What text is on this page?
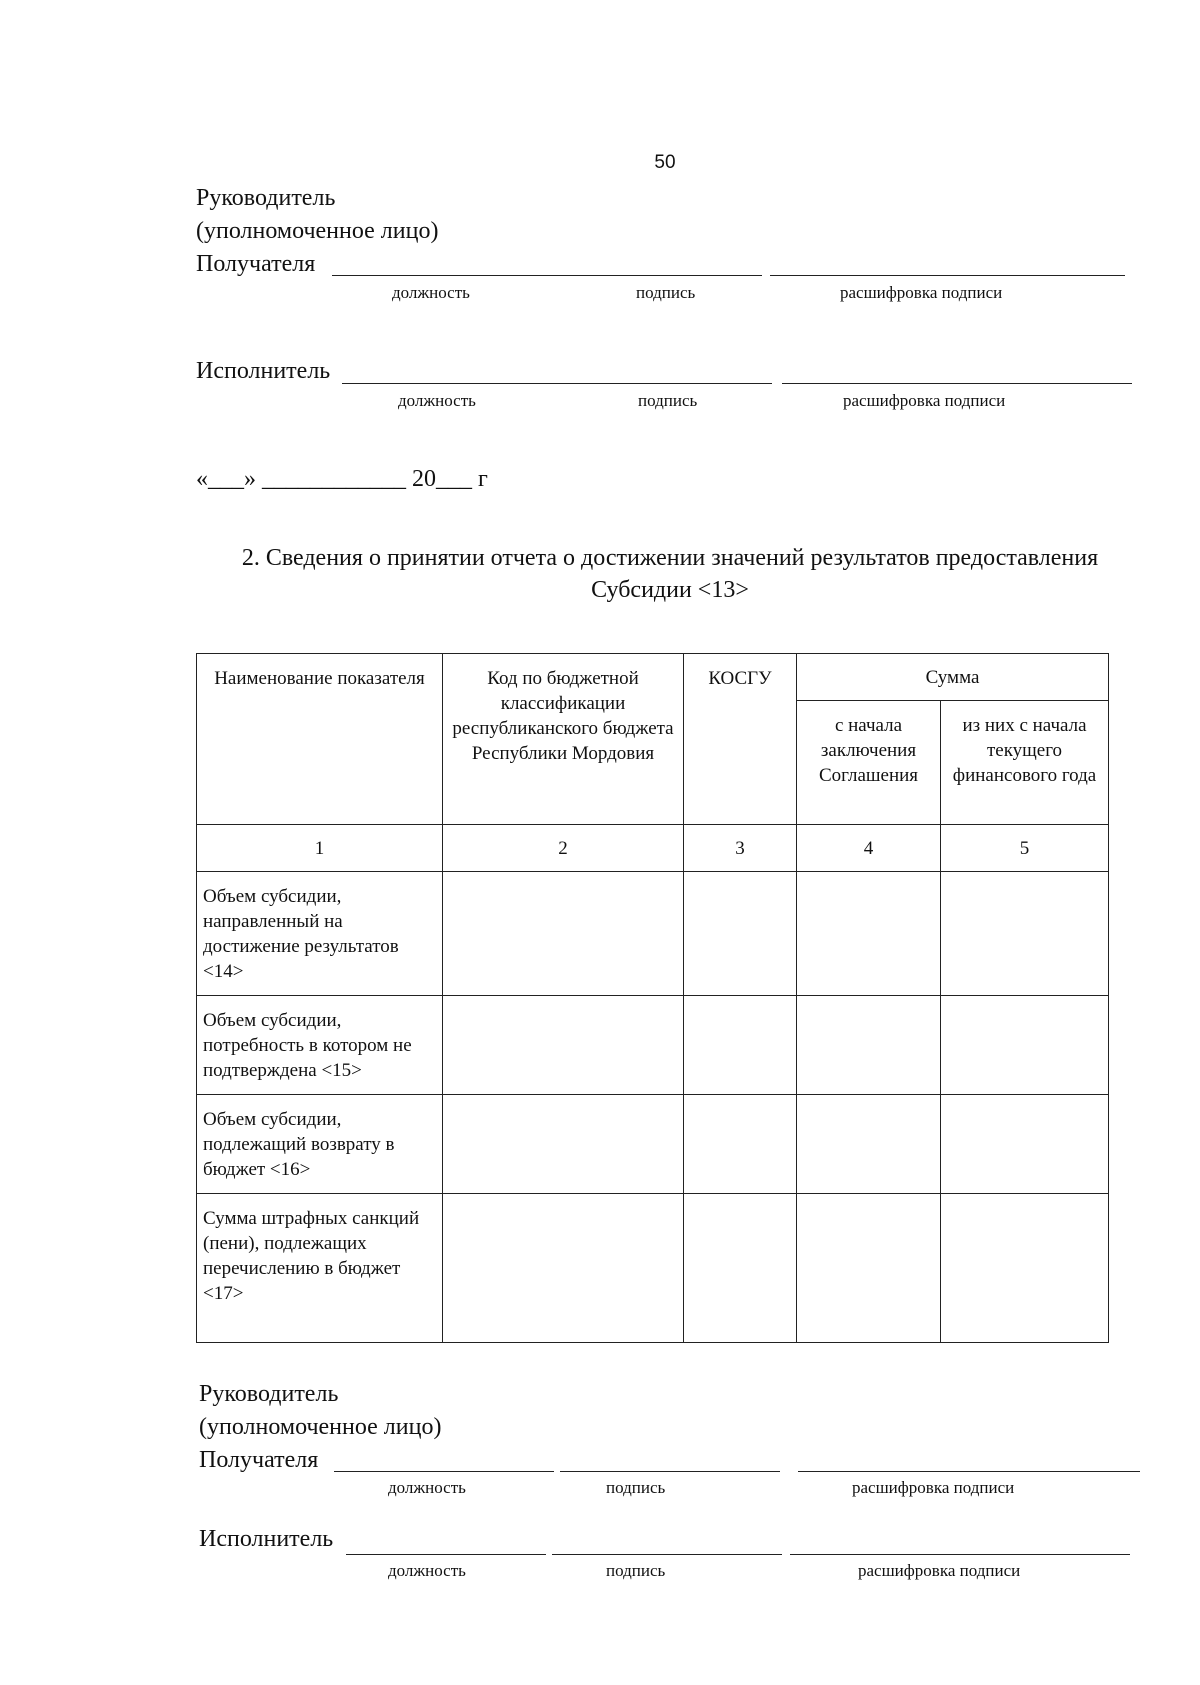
50
Руководитель
(уполномоченное лицо)
Получателя
должность	подпись	расшифровка подписи
Исполнитель
должность	подпись	расшифровка подписи
«___» ____________ 20___ г
2. Сведения о принятии отчета о достижении значений результатов предоставления
Субсидии <13>
Наименование показателя	Код по бюджетной классификации республиканского бюджета Республики Мордовия	КОСГУ	Сумма	
			с начала заключения Соглашения	из них с начала текущего финансового года
1	2	3	4	5
Объем субсидии, направленный на достижение результатов <14>				
Объем субсидии, потребность в котором не подтверждена <15>				
Объем субсидии, подлежащий возврату в бюджет <16>				
Сумма штрафных санкций (пени), подлежащих перечислению в бюджет <17>				
Руководитель
(уполномоченное лицо)
Получателя
должность	подпись	расшифровка подписи
Исполнитель
должность	подпись	расшифровка подписи
